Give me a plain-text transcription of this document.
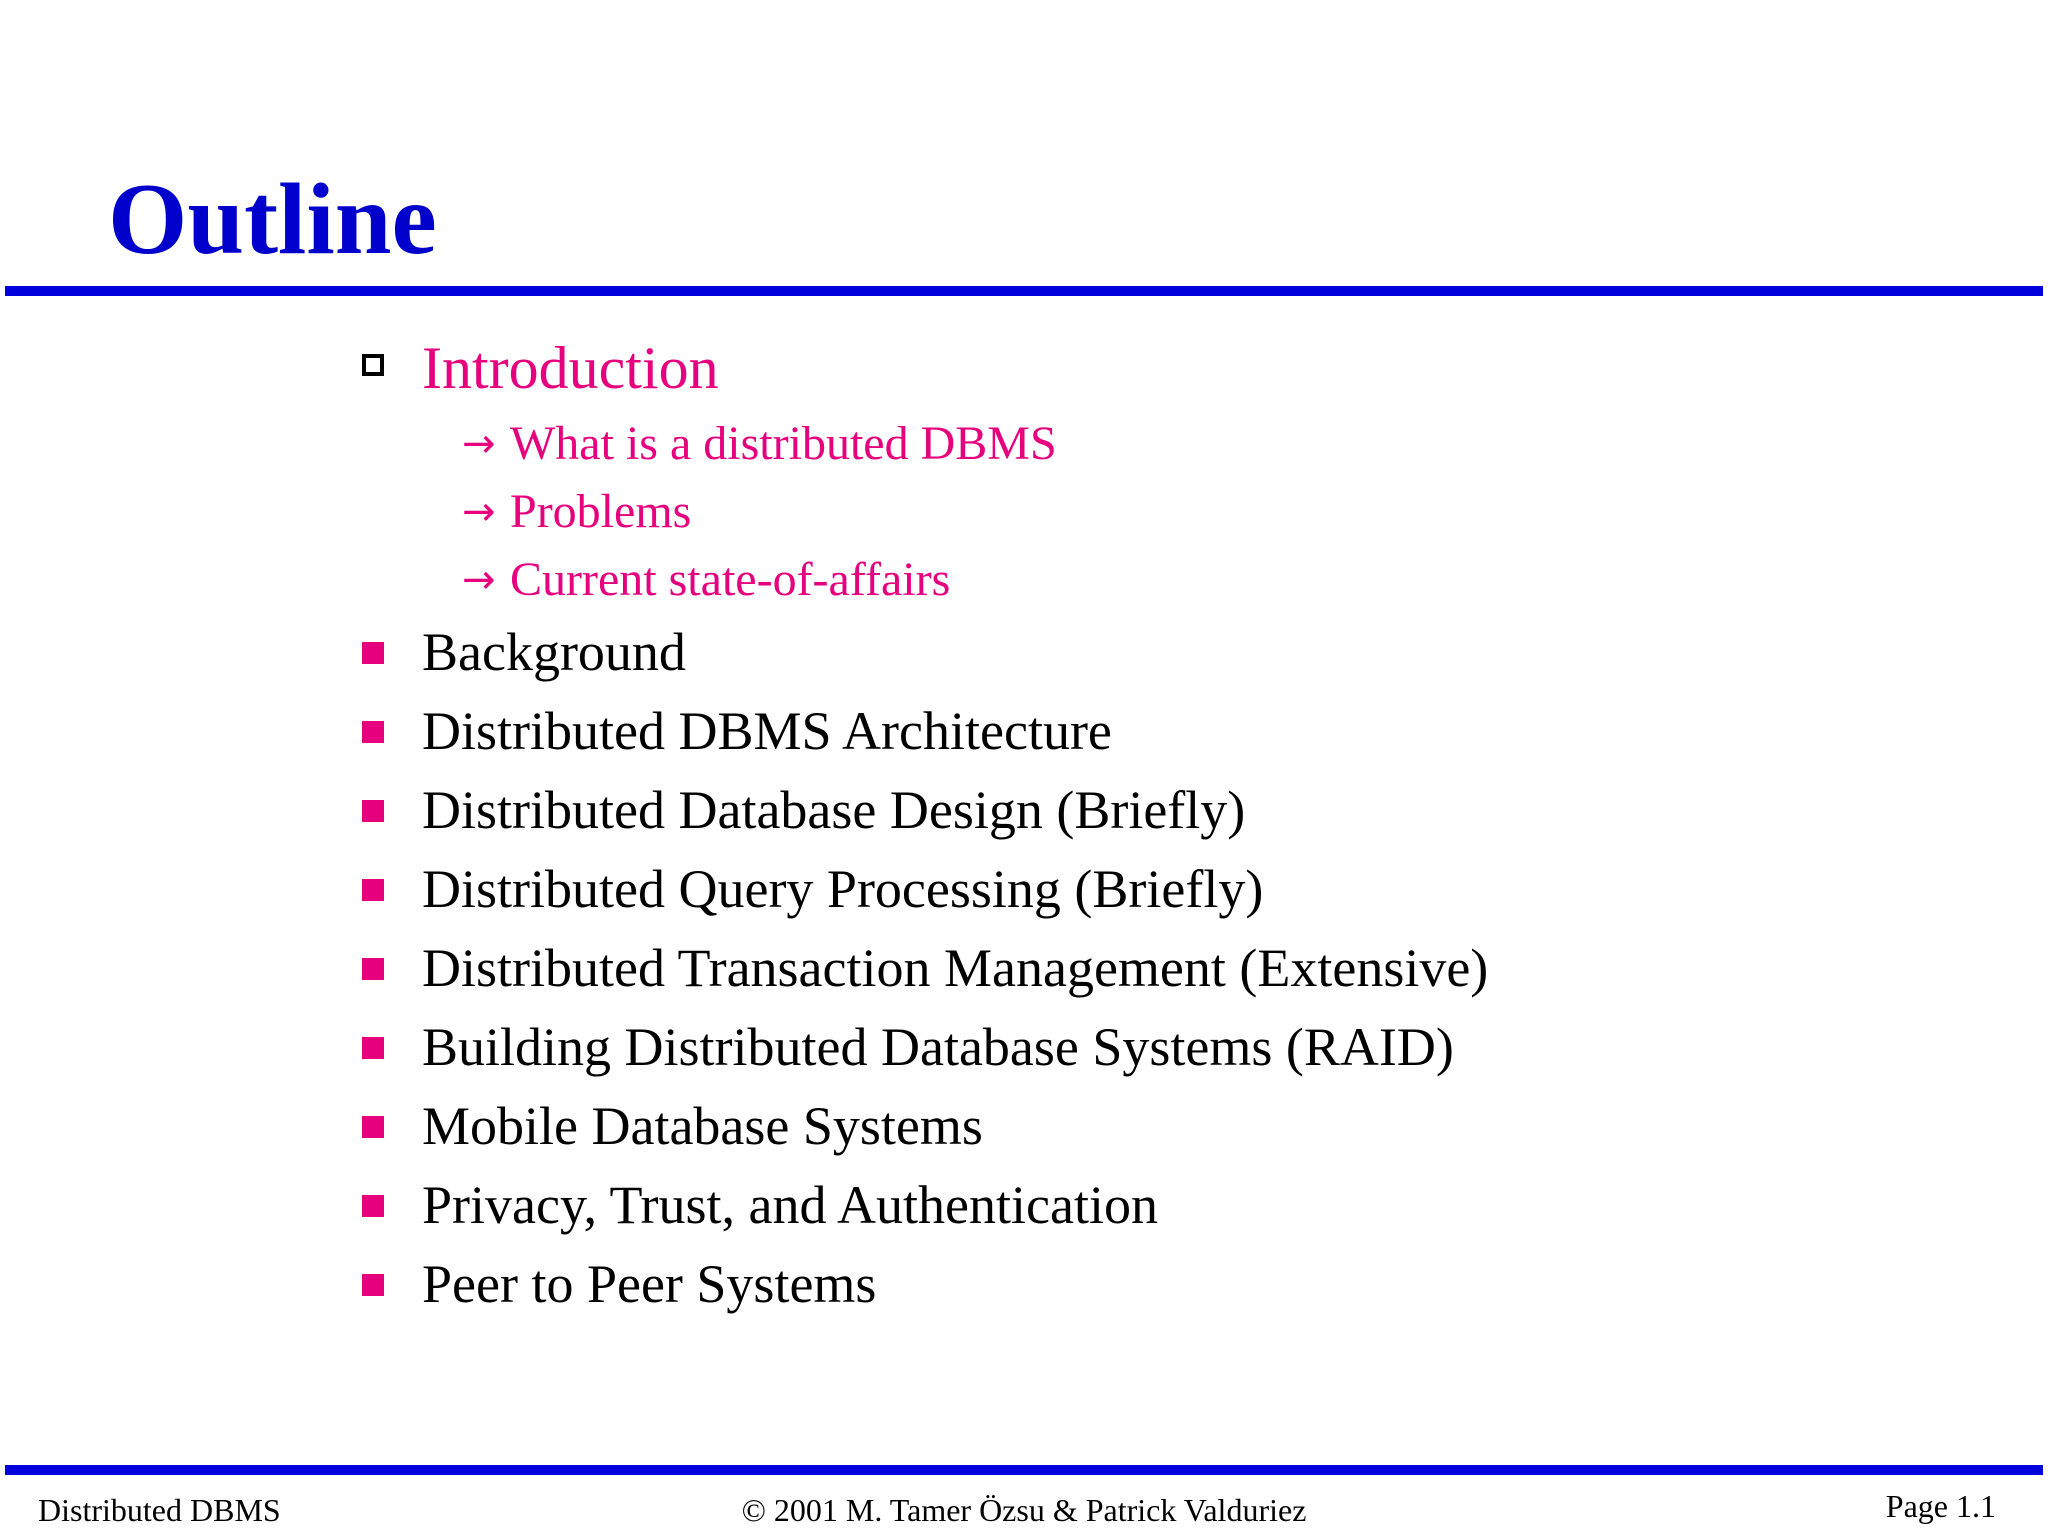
Outline
Introduction
→ What is a distributed DBMS
→ Problems
→ Current state-of-affairs
Background
Distributed DBMS Architecture
Distributed Database Design (Briefly)
Distributed Query Processing (Briefly)
Distributed Transaction Management (Extensive)
Building Distributed Database Systems (RAID)
Mobile Database Systems
Privacy, Trust, and Authentication
Peer to Peer Systems
Distributed DBMS	© 2001 M. Tamer Özsu & Patrick Valduriez	Page 1.1
